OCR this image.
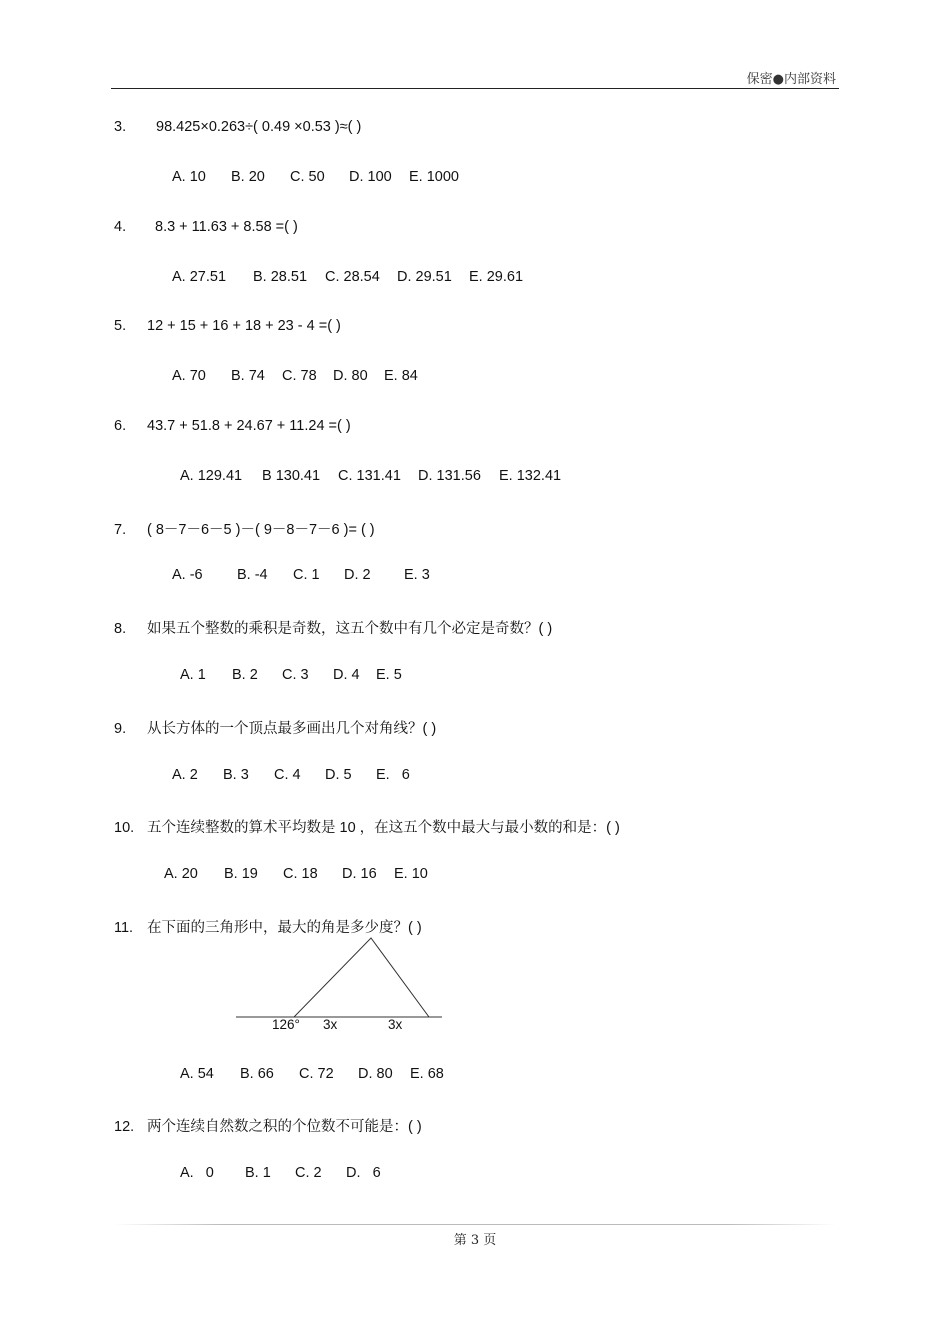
保密●内部资料
3. 98.425×0.263÷( 0.49 ×0.53 )≈( )
A. 10 B. 20 C. 50 D. 100 E. 1000
4. 8.3 + 11.63 + 8.58 =( )
A. 27.51 B. 28.51 C. 28.54 D. 29.51 E. 29.61
5. 12 + 15 + 16 + 18 + 23 - 4 =( )
A. 70 B. 74 C. 78 D. 80 E. 84
6. 43.7 + 51.8 + 24.67 + 11.24 =( )
A. 129.41 B 130.41 C. 131.41 D. 131.56 E. 132.41
7. ( 8－7－6－5 )－( 9－8－7－6 )= ( )
A. -6 B. -4 C. 1 D. 2 E. 3
8. 如果五个整数的乘积是奇数，这五个数中有几个必定是奇数？( )
A. 1 B. 2 C. 3 D. 4 E. 5
9. 从长方体的一个顶点最多画出几个对角线？( )
A. 2 B. 3 C. 4 D. 5 E.   6
10. 五个连续整数的算术平均数是 10 ，在这五个数中最大与最小数的和是：( )
A. 20 B. 19 C. 18 D. 16 E. 10
11. 在下面的三角形中，最大的角是多少度？( )
126° 3x	3x
A. 54 B. 66 C. 72 D. 80 E. 68
12. 两个连续自然数之积的个位数不可能是：( )
A.   0 B. 1 C. 2 D.   6
第 3 页
